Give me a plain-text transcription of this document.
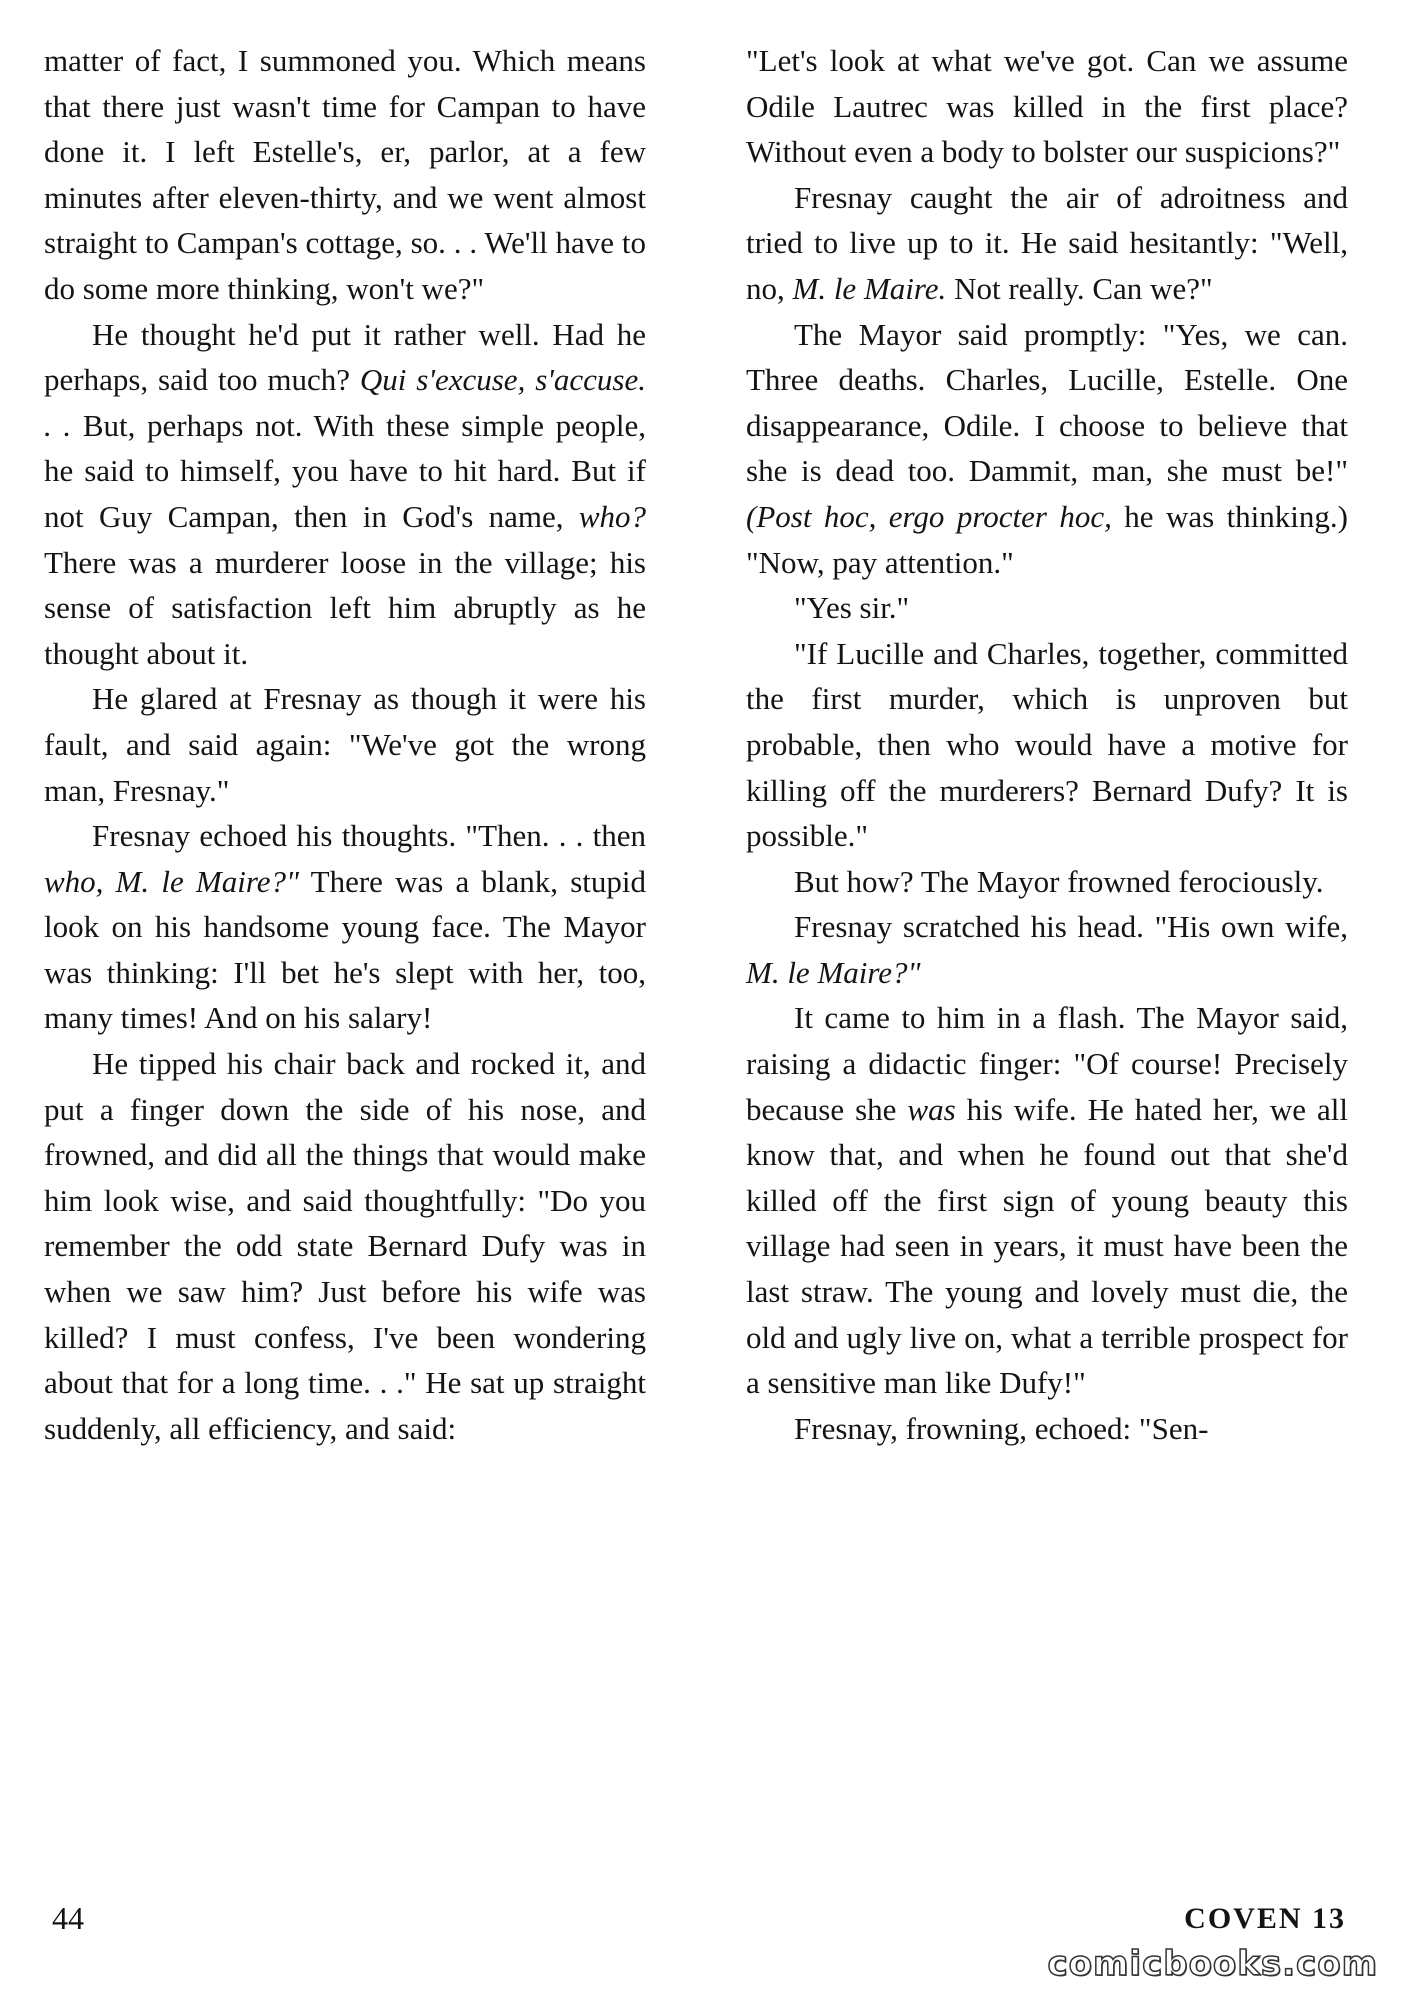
matter of fact, I summoned you. Which means that there just wasn't time for Campan to have done it. I left Estelle's, er, parlor, at a few minutes after eleven-thirty, and we went almost straight to Campan's cottage, so. . . We'll have to do some more thinking, won't we?"

He thought he'd put it rather well. Had he perhaps, said too much? Qui s'excuse, s'accuse. . . But, perhaps not. With these simple people, he said to himself, you have to hit hard. But if not Guy Campan, then in God's name, who? There was a murderer loose in the village; his sense of satisfaction left him abruptly as he thought about it.

He glared at Fresnay as though it were his fault, and said again: "We've got the wrong man, Fresnay."

Fresnay echoed his thoughts. "Then. . . then who, M. le Maire?" There was a blank, stupid look on his handsome young face. The Mayor was thinking: I'll bet he's slept with her, too, many times! And on his salary!

He tipped his chair back and rocked it, and put a finger down the side of his nose, and frowned, and did all the things that would make him look wise, and said thoughtfully: "Do you remember the odd state Bernard Dufy was in when we saw him? Just before his wife was killed? I must confess, I've been wondering about that for a long time. . ." He sat up straight suddenly, all efficiency, and said:

"Let's look at what we've got. Can we assume Odile Lautrec was killed in the first place? Without even a body to bolster our suspicions?"

Fresnay caught the air of adroitness and tried to live up to it. He said hesitantly: "Well, no, M. le Maire. Not really. Can we?"

The Mayor said promptly: "Yes, we can. Three deaths. Charles, Lucille, Estelle. One disappearance, Odile. I choose to believe that she is dead too. Dammit, man, she must be!" (Post hoc, ergo procter hoc, he was thinking.) "Now, pay attention."

"Yes sir."

"If Lucille and Charles, together, committed the first murder, which is unproven but probable, then who would have a motive for killing off the murderers? Bernard Dufy? It is possible."

But how? The Mayor frowned ferociously.

Fresnay scratched his head. "His own wife, M. le Maire?"

It came to him in a flash. The Mayor said, raising a didactic finger: "Of course! Precisely because she was his wife. He hated her, we all know that, and when he found out that she'd killed off the first sign of young beauty this village had seen in years, it must have been the last straw. The young and lovely must die, the old and ugly live on, what a terrible prospect for a sensitive man like Dufy!"

Fresnay, frowning, echoed: "Sen-

44	COVEN 13
comicbooks.com
